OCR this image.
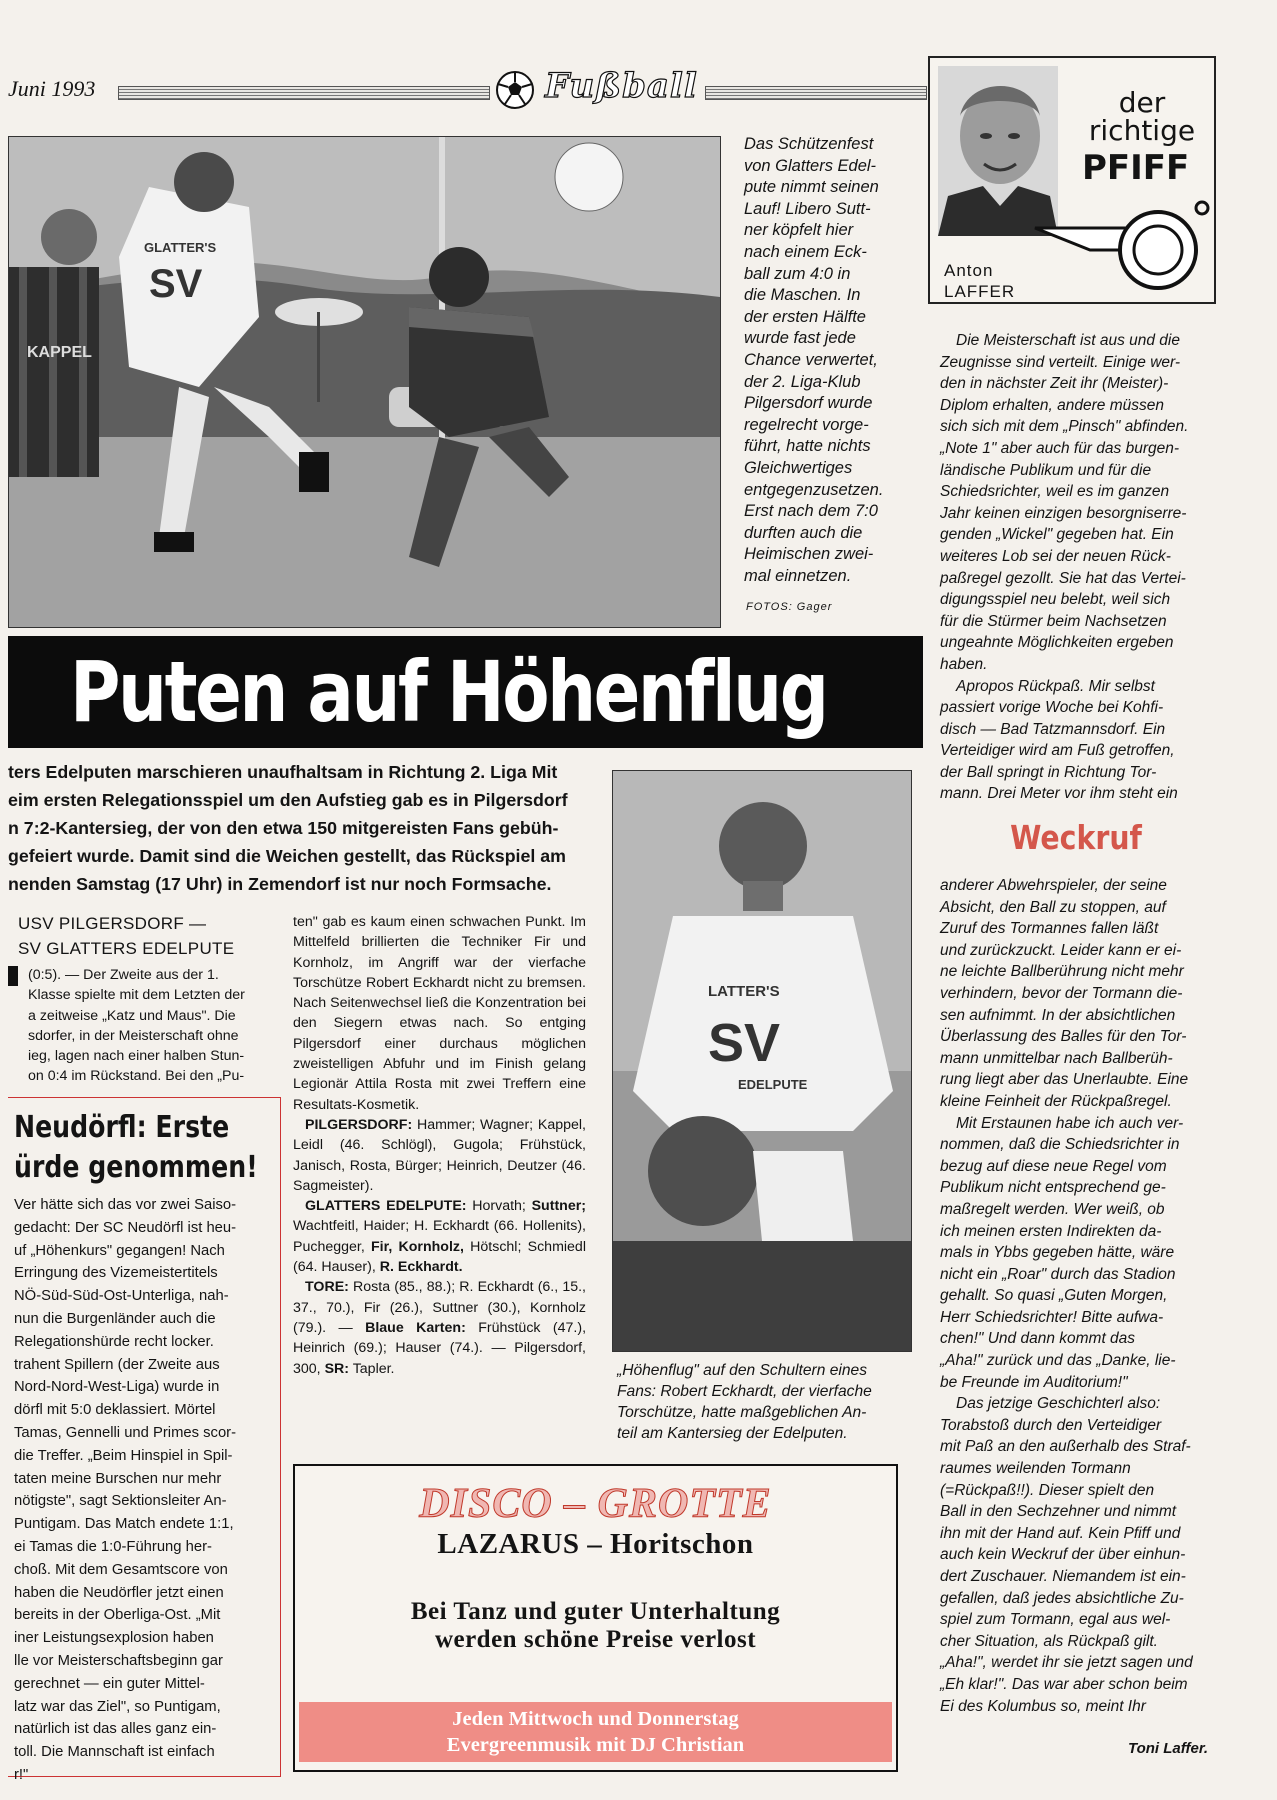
Juni 1993	Fußball
KAPPEL
GLATTER'S
SV
Das Schützenfest
von Glatters Edel-
pute nimmt seinen
Lauf! Libero Sutt-
ner köpfelt hier
nach einem Eck-
ball zum 4:0 in
die Maschen. In
der ersten Hälfte
wurde fast jede
Chance verwertet,
der 2. Liga-Klub
Pilgersdorf wurde
regelrecht vorge-
führt, hatte nichts
Gleichwertiges
entgegenzusetzen.
Erst nach dem 7:0
durften auch die
Heimischen zwei-
mal einnetzen.
FOTOS: Gager
Puten auf Höhenflug
ters Edelputen marschieren unaufhaltsam in Richtung 2. Liga Mit
eim ersten Relegationsspiel um den Aufstieg gab es in Pilgersdorf
n 7:2-Kantersieg, der von den etwa 150 mitgereisten Fans gebüh-
gefeiert wurde. Damit sind die Weichen gestellt, das Rückspiel am
nenden Samstag (17 Uhr) in Zemendorf ist nur noch Formsache.
USV PILGERSDORF —
SV GLATTERS EDELPUTE
(0:5). — Der Zweite aus der 1.
Klasse spielte mit dem Letzten der
a zeitweise „Katz und Maus". Die
sdorfer, in der Meisterschaft ohne
ieg, lagen nach einer halben Stun-
on 0:4 im Rückstand. Bei den „Pu-
Neudörfl: Erste
ürde genommen!
Ver hätte sich das vor zwei Saiso-
gedacht: Der SC Neudörfl ist heu-
uf „Höhenkurs" gegangen! Nach
Erringung des Vizemeistertitels
NÖ-Süd-Süd-Ost-Unterliga, nah-
nun die Burgenländer auch die
Relegationshürde recht locker.
trahent Spillern (der Zweite aus
Nord-Nord-West-Liga) wurde in
dörfl mit 5:0 deklassiert. Mörtel
Tamas, Gennelli und Primes scor-
die Treffer. „Beim Hinspiel in Spil-
taten meine Burschen nur mehr
nötigste", sagt Sektionsleiter An-
Puntigam. Das Match endete 1:1,
ei Tamas die 1:0-Führung her-
choß. Mit dem Gesamtscore von
haben die Neudörfler jetzt einen
bereits in der Oberliga-Ost. „Mit
iner Leistungsexplosion haben
lle vor Meisterschaftsbeginn gar
gerechnet — ein guter Mittel-
latz war das Ziel", so Puntigam,
natürlich ist das alles ganz ein-
toll. Die Mannschaft ist einfach
r!"

ten" gab es kaum einen schwachen Punkt. Im Mittelfeld brillierten die Techniker Fir und Kornholz, im Angriff war der vierfache Torschütze Robert Eckhardt nicht zu bremsen. Nach Seitenwechsel ließ die Konzentration bei den Siegern etwas nach. So entging Pilgersdorf einer durchaus möglichen zweistelligen Abfuhr und im Finish gelang Legionär Attila Rosta mit zwei Treffern eine Resultats-Kosmetik.

PILGERSDORF: Hammer; Wagner; Kappel, Leidl (46. Schlögl), Gugola; Frühstück, Janisch, Rosta, Bürger; Heinrich, Deutzer (46. Sagmeister).

GLATTERS EDELPUTE: Horvath; Suttner; Wachtfeitl, Haider; H. Eckhardt (66. Hollenits), Puchegger, Fir, Kornholz, Hötschl; Schmiedl (64. Hauser), R. Eckhardt.

TORE: Rosta (85., 88.); R. Eckhardt (6., 15., 37., 70.), Fir (26.), Suttner (30.), Kornholz (79.). — Blaue Karten: Frühstück (47.), Heinrich (69.); Hauser (74.). — Pilgersdorf, 300, SR: Tapler.

LATTER'S
SV
EDELPUTE
„Höhenflug" auf den Schultern eines
Fans: Robert Eckhardt, der vierfache
Torschütze, hatte maßgeblichen An-
teil am Kantersieg der Edelputen.
DISCO – GROTTE
LAZARUS – Horitschon
Bei Tanz und guter Unterhaltung
werden schöne Preise verlost
Jeden Mittwoch und Donnerstag
Evergreenmusik mit DJ Christian
der
richtige
PFIFF
Anton
LAFFER
Die Meisterschaft ist aus und die
Zeugnisse sind verteilt. Einige wer-
den in nächster Zeit ihr (Meister)-
Diplom erhalten, andere müssen
sich sich mit dem „Pinsch" abfinden.
„Note 1" aber auch für das burgen-
ländische Publikum und für die
Schiedsrichter, weil es im ganzen
Jahr keinen einzigen besorgniserre-
genden „Wickel" gegeben hat. Ein
weiteres Lob sei der neuen Rück-
paßregel gezollt. Sie hat das Vertei-
digungsspiel neu belebt, weil sich
für die Stürmer beim Nachsetzen
ungeahnte Möglichkeiten ergeben
haben.
Apropos Rückpaß. Mir selbst
passiert vorige Woche bei Kohfi-
disch — Bad Tatzmannsdorf. Ein
Verteidiger wird am Fuß getroffen,
der Ball springt in Richtung Tor-
mann. Drei Meter vor ihm steht ein
Weckruf
anderer Abwehrspieler, der seine
Absicht, den Ball zu stoppen, auf
Zuruf des Tormannes fallen läßt
und zurückzuckt. Leider kann er ei-
ne leichte Ballberührung nicht mehr
verhindern, bevor der Tormann die-
sen aufnimmt. In der absichtlichen
Überlassung des Balles für den Tor-
mann unmittelbar nach Ballberüh-
rung liegt aber das Unerlaubte. Eine
kleine Feinheit der Rückpaßregel.
Mit Erstaunen habe ich auch ver-
nommen, daß die Schiedsrichter in
bezug auf diese neue Regel vom
Publikum nicht entsprechend ge-
maßregelt werden. Wer weiß, ob
ich meinen ersten Indirekten da-
mals in Ybbs gegeben hätte, wäre
nicht ein „Roar" durch das Stadion
gehallt. So quasi „Guten Morgen,
Herr Schiedsrichter! Bitte aufwa-
chen!" Und dann kommt das
„Aha!" zurück und das „Danke, lie-
be Freunde im Auditorium!"
Das jetzige Geschichterl also:
Torabstoß durch den Verteidiger
mit Paß an den außerhalb des Straf-
raumes weilenden Tormann
(=Rückpaß!!). Dieser spielt den
Ball in den Sechzehner und nimmt
ihn mit der Hand auf. Kein Pfiff und
auch kein Weckruf der über einhun-
dert Zuschauer. Niemandem ist ein-
gefallen, daß jedes absichtliche Zu-
spiel zum Tormann, egal aus wel-
cher Situation, als Rückpaß gilt.
„Aha!", werdet ihr sie jetzt sagen und
„Eh klar!". Das war aber schon beim
Ei des Kolumbus so, meint Ihr
Toni Laffer.
